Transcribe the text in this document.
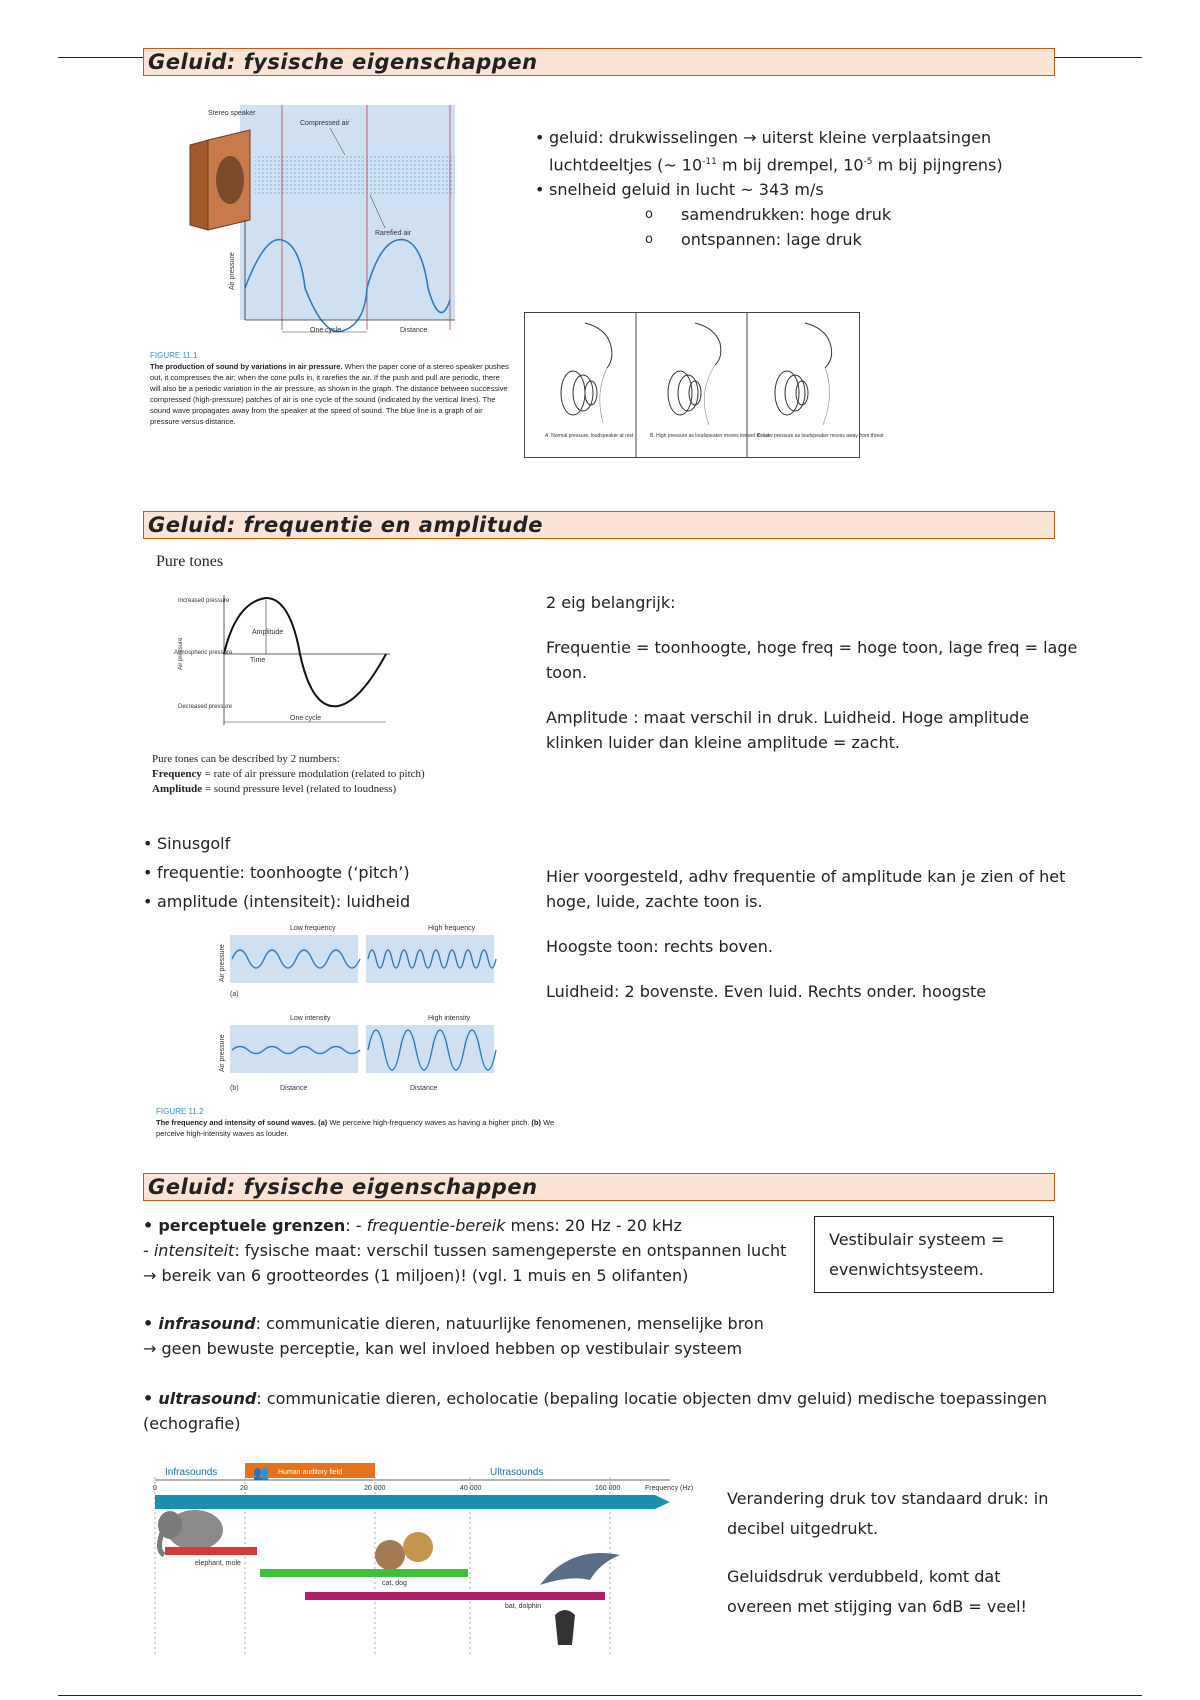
Geluid: fysische eigenschappen
Stereo speaker
Compressed air
Rarefied air
Air pressure
One cycle	Distance
FIGURE 11.1
The production of sound by variations in air pressure. When the paper cone of a stereo speaker pushes out, it compresses the air; when the cone pulls in, it rarefies the air. If the push and pull are periodic, there will also be a periodic variation in the air pressure, as shown in the graph. The distance between successive compressed (high-pressure) patches of air is one cycle of the sound (indicated by the vertical lines). The sound wave propagates away from the speaker at the speed of sound. The blue line is a graph of air pressure versus distance.
• geluid: drukwisselingen → uiterst kleine verplaatsingen luchtdeeltjes (~ $10^{-11}$ m bij drempel, $10^{-5}$ m bij pijngrens)
• snelheid geluid in lucht ~ 343 m/s
o samendrukken: hoge druk
o ontspannen: lage druk
A. Normal pressure, loudspeaker at rest	B. High pressure as loudspeaker moves toward threat
C. Low pressure as loudspeaker moves away from threat
Geluid: frequentie en amplitude
Pure tones
Amplitude
Time
Increased pressure
Atmospheric pressure
Decreased pressure
Air pressure
One cycle
Pure tones can be described by 2 numbers:
Frequency = rate of air pressure modulation (related to pitch)
Amplitude = sound pressure level (related to loudness)

2 eig belangrijk:

Frequentie = toonhoogte, hoge freq = hoge toon, lage freq = lage toon.

Amplitude : maat verschil in druk. Luidheid. Hoge amplitude klinken luider dan kleine amplitude = zacht.

• Sinusgolf
• frequentie: toonhoogte (‘pitch’)
• amplitude (intensiteit): luidheid
Low frequency	High frequency
Air pressure
(a)
Low intensity	High intensity
Air pressure
(b)	Distance	Distance
FIGURE 11.2
The frequency and intensity of sound waves. (a) We perceive high-frequency waves as having a higher pitch. (b) We perceive high-intensity waves as louder.

Hier voorgesteld, adhv frequentie of amplitude kan je zien of het hoge, luide, zachte toon is.

Hoogste toon: rechts boven.

Luidheid: 2 bovenste. Even luid. Rechts onder. hoogste

Geluid: fysische eigenschappen
• perceptuele grenzen: - frequentie-bereik mens: 20 Hz - 20 kHz
- intensiteit: fysische maat: verschil tussen samengeperste en ontspannen lucht
→ bereik van 6 grootteordes (1 miljoen)! (vgl. 1 muis en 5 olifanten)
Vestibulair systeem = evenwichtsysteem.
• infrasound: communicatie dieren, natuurlijke fenomenen, menselijke bron
→ geen bewuste perceptie, kan wel invloed hebben op vestibulair systeem
• ultrasound: communicatie dieren, echolocatie (bepaling locatie objecten dmv geluid) medische toepassingen (echografie)
Infrasounds	Ultrasounds
Human auditory field
👥
0	20	20 000	40 000	160 000	Frequency (Hz)
elephant, mole
cat, dog
bat, dolphin

Verandering druk tov standaard druk: in decibel uitgedrukt.

Geluidsdruk verdubbeld, komt dat overeen met stijging van 6dB = veel!
